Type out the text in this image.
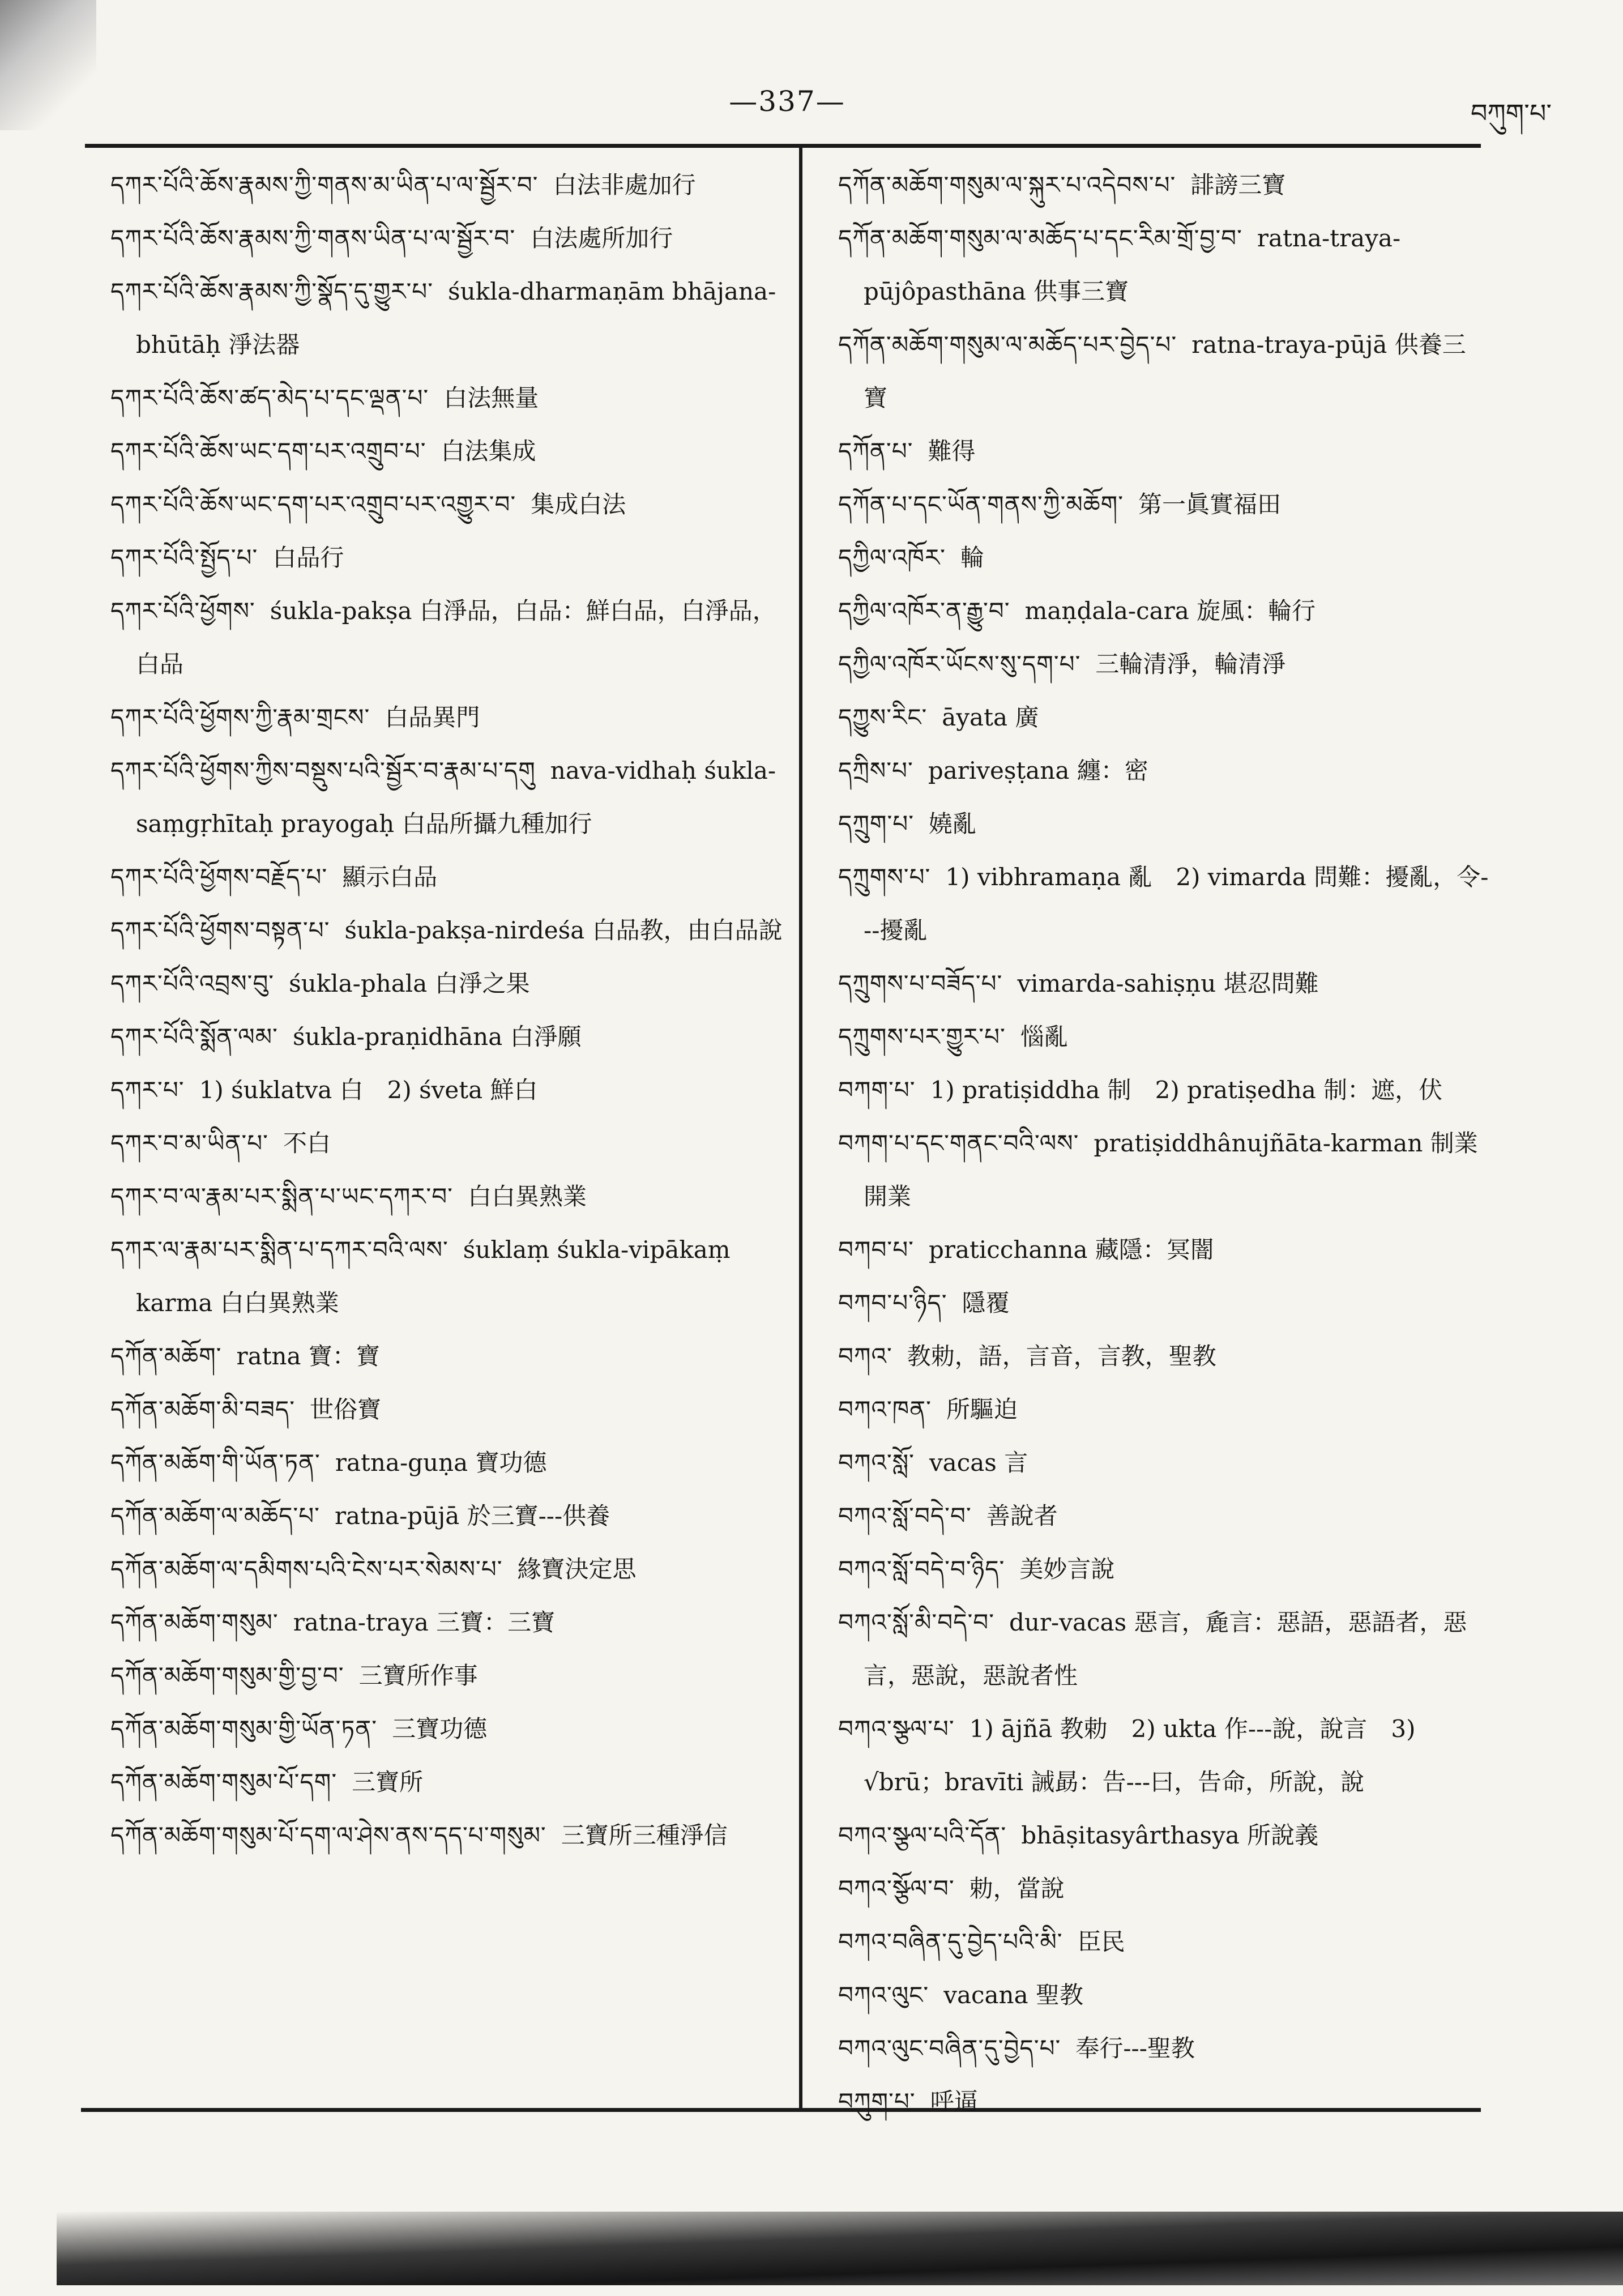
—337—	བཀུག་པ་

དཀར་པོའི་ཆོས་རྣམས་ཀྱི་གནས་མ་ཡིན་པ་ལ་སྦྱོར་བ་ 白法非處加行

དཀར་པོའི་ཆོས་རྣམས་ཀྱི་གནས་ཡིན་པ་ལ་སྦྱོར་བ་ 白法處所加行

དཀར་པོའི་ཆོས་རྣམས་ཀྱི་སྣོད་དུ་གྱུར་པ་ śukla-dharmaṇām bhājana-bhūtāḥ 淨法器

དཀར་པོའི་ཆོས་ཚད་མེད་པ་དང་ལྡན་པ་ 白法無量

དཀར་པོའི་ཆོས་ཡང་དག་པར་འགྲུབ་པ་ 白法集成

དཀར་པོའི་ཆོས་ཡང་དག་པར་འགྲུབ་པར་འགྱུར་བ་ 集成白法

དཀར་པོའི་སྤྱོད་པ་ 白品行

དཀར་པོའི་ཕྱོགས་ śukla-pakṣa 白淨品，白品：鮮白品，白淨品，白品

དཀར་པོའི་ཕྱོགས་ཀྱི་རྣམ་གྲངས་ 白品異門

དཀར་པོའི་ཕྱོགས་ཀྱིས་བསྡུས་པའི་སྦྱོར་བ་རྣམ་པ་དགུ nava-vidhaḥ śukla-saṃgṛhītaḥ prayogaḥ 白品所攝九種加行

དཀར་པོའི་ཕྱོགས་བརྗོད་པ་ 顯示白品

དཀར་པོའི་ཕྱོགས་བསྟན་པ་ śukla-pakṣa-nirdeśa 白品教，由白品說

དཀར་པོའི་འབྲས་བུ་ śukla-phala 白淨之果

དཀར་པོའི་སྨོན་ལམ་ śukla-praṇidhāna 白淨願

དཀར་པ་ 1) śuklatva 白　2) śveta 鮮白

དཀར་བ་མ་ཡིན་པ་ 不白

དཀར་བ་ལ་རྣམ་པར་སྨིན་པ་ཡང་དཀར་བ་ 白白異熟業

དཀར་ལ་རྣམ་པར་སྨིན་པ་དཀར་བའི་ལས་ śuklaṃ śukla-vipākaṃ karma 白白異熟業

དཀོན་མཆོག་ ratna 寶：寶

དཀོན་མཆོག་མི་བཟད་ 世俗寶

དཀོན་མཆོག་གི་ཡོན་ཏན་ ratna-guṇa 寶功德

དཀོན་མཆོག་ལ་མཆོད་པ་ ratna-pūjā 於三寶---供養

དཀོན་མཆོག་ལ་དམིགས་པའི་ངེས་པར་སེམས་པ་ 緣寶決定思

དཀོན་མཆོག་གསུམ་ ratna-traya 三寶：三寶

དཀོན་མཆོག་གསུམ་གྱི་བྱ་བ་ 三寶所作事

དཀོན་མཆོག་གསུམ་གྱི་ཡོན་ཏན་ 三寶功德

དཀོན་མཆོག་གསུམ་པོ་དག་ 三寶所

དཀོན་མཆོག་གསུམ་པོ་དག་ལ་ཤེས་ནས་དད་པ་གསུམ་ 三寶所三種淨信

དཀོན་མཆོག་གསུམ་ལ་སྐུར་པ་འདེབས་པ་ 誹謗三寶

དཀོན་མཆོག་གསུམ་ལ་མཆོད་པ་དང་རིམ་གྲོ་བྱ་བ་ ratna-traya-pūjôpasthāna 供事三寶

དཀོན་མཆོག་གསུམ་ལ་མཆོད་པར་བྱེད་པ་ ratna-traya-pūjā 供養三寶

དཀོན་པ་ 難得

དཀོན་པ་དང་ཡོན་གནས་ཀྱི་མཆོག་ 第一眞實福田

དཀྱིལ་འཁོར་ 輪

དཀྱིལ་འཁོར་ན་རྒྱུ་བ་ maṇḍala-cara 旋風：輪行

དཀྱིལ་འཁོར་ཡོངས་སུ་དག་པ་ 三輪清淨，輪清淨

དཀྱུས་རིང་ āyata 廣

དཀྲིས་པ་ pariveṣṭana 纏：密

དཀྲུག་པ་ 嬈亂

དཀྲུགས་པ་ 1) vibhramaṇa 亂　2) vimarda 問難：擾亂，令---擾亂

དཀྲུགས་པ་བཟོད་པ་ vimarda-sahiṣṇu 堪忍問難

དཀྲུགས་པར་གྱུར་པ་ 惱亂

བཀག་པ་ 1) pratiṣiddha 制　2) pratiṣedha 制：遮，伏

བཀག་པ་དང་གནང་བའི་ལས་ pratiṣiddhânujñāta-karman 制業開業

བཀབ་པ་ praticchanna 藏隱：冥闇

བཀབ་པ་ཉིད་ 隱覆

བཀའ་ 教勅，語，言音，言教，聖教

བཀའ་ཁན་ 所驅迫

བཀའ་སློ་ vacas 言

བཀའ་སློ་བདེ་བ་ 善說者

བཀའ་སློ་བདེ་བ་ཉིད་ 美妙言說

བཀའ་སློ་མི་བདེ་བ་ dur-vacas 惡言，麁言：惡語，惡語者，惡言，惡說，惡說者性

བཀའ་སྩལ་པ་ 1) ājñā 教勅　2) ukta 作---說，說言　3) √brū；bravīti 誡勗：告---曰，告命，所說，說

བཀའ་སྩལ་པའི་དོན་ bhāṣitasyârthasya 所說義

བཀའ་སྩོལ་བ་ 勅，當說

བཀའ་བཞིན་དུ་བྱེད་པའི་མི་ 臣民

བཀའ་ལུང་ vacana 聖教

བཀའ་ལུང་བཞིན་དུ་བྱེད་པ་ 奉行---聖教

བཀུག་པ་ 呼逼
